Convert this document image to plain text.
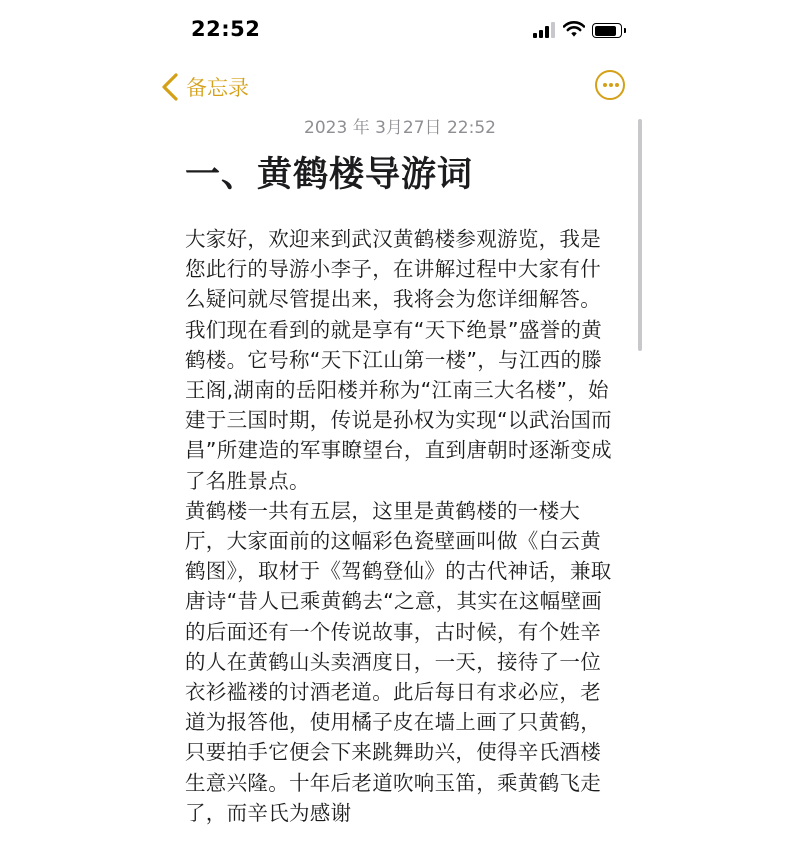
22:52
备忘录
2023 年 3月27日 22:52
一、黄鹤楼导游词

大家好，欢迎来到武汉黄鹤楼参观游览，我是您此行的导游小李子，在讲解过程中大家有什么疑问就尽管提出来，我将会为您详细解答。

我们现在看到的就是享有“天下绝景”盛誉的黄鹤楼。它号称“天下江山第一楼”，与江西的滕王阁,湖南的岳阳楼并称为“江南三大名楼”，始建于三国时期，传说是孙权为实现“以武治国而昌”所建造的军事瞭望台，直到唐朝时逐渐变成了名胜景点。

黄鹤楼一共有五层，这里是黄鹤楼的一楼大厅，大家面前的这幅彩色瓷壁画叫做《白云黄鹤图》，取材于《驾鹤登仙》的古代神话，兼取唐诗“昔人已乘黄鹤去“之意，其实在这幅壁画的后面还有一个传说故事，古时候，有个姓辛的人在黄鹤山头卖酒度日，一天，接待了一位衣衫褴褛的讨酒老道。此后每日有求必应，老道为报答他，使用橘子皮在墙上画了只黄鹤，只要拍手它便会下来跳舞助兴，使得辛氏酒楼生意兴隆。十年后老道吹响玉笛，乘黄鹤飞走了，而辛氏为感谢
